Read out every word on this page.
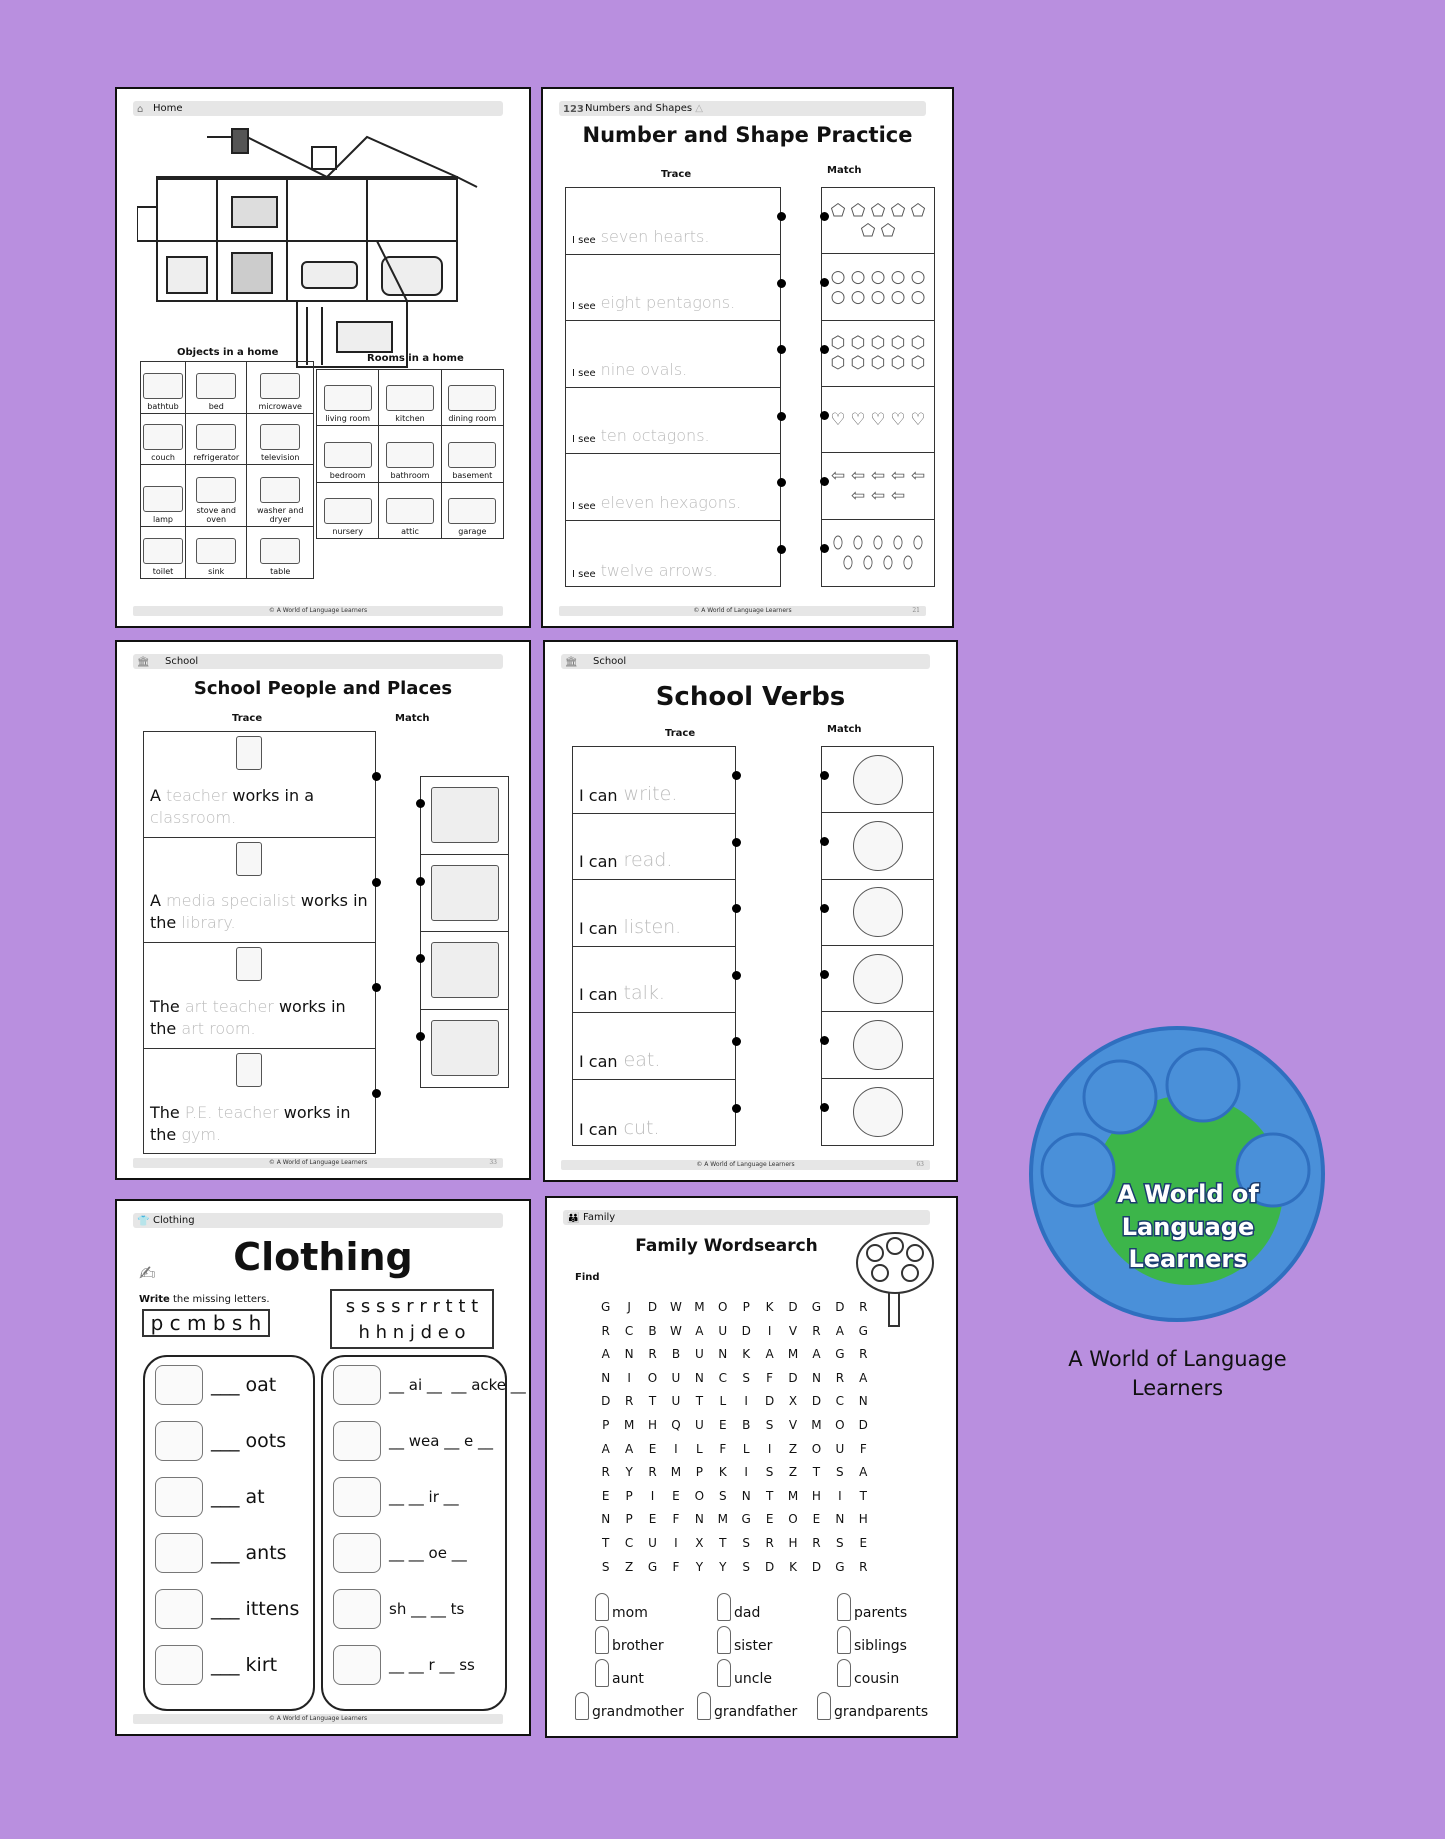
⌂ Home
Objects in a home
bathtub	bed	microwave

couch	refrigerator	television

lamp	stove and oven	washer and dryer

toilet	sink	table
Rooms in a home
living room	kitchen	dining room

bedroom	bathroom	basement

nursery	attic	garage
© A World of Language Learners
123 Numbers and Shapes △
Number and Shape Practice
Trace	Match
I see seven hearts.
I see eight pentagons.
I see nine ovals.
I see ten octagons.
I see eleven hexagons.
I see twelve arrows.
⬠ ⬠ ⬠ ⬠ ⬠
⬠ ⬠
○ ○ ○ ○ ○
○ ○ ○ ○ ○
⬡ ⬡ ⬡ ⬡ ⬡
⬡ ⬡ ⬡ ⬡ ⬡
♡ ♡ ♡ ♡ ♡
⇦ ⇦ ⇦ ⇦ ⇦
⇦ ⇦ ⇦
⬯ ⬯ ⬯ ⬯ ⬯
⬯ ⬯ ⬯ ⬯
© A World of Language Learners	21
🏛 School
School People and Places
Trace	Match
A teacher works in a classroom.
A media specialist works in the library.
The art teacher works in the art room.
The P.E. teacher works in the gym.
© A World of Language Learners	33
🏛 School
School Verbs
Trace	Match
I can write.
I can read.
I can listen.
I can talk.
I can eat.
I can cut.
© A World of Language Learners	63
👕 Clothing
Clothing
✍
Write the missing letters.
p c m b s h
s s s s r r r t t t
h h n j d e o
___ oat
___ oots
___ at
___ ants
___ ittens
___ kirt
__ ai __  __ acke __
__ wea __ e __
__ __ ir __
__ __ oe __
sh __ __ ts
__ __ r __ ss
© A World of Language Learners
👪 Family
Family Wordsearch
Find
G	J	D	W	M	O	P	K	D	G	D	R
R	C	B	W	A	U	D	I	V	R	A	G
A	N	R	B	U	N	K	A	M	A	G	R
N	I	O	U	N	C	S	F	D	N	R	A
D	R	T	U	T	L	I	D	X	D	C	N
P	M	H	Q	U	E	B	S	V	M	O	D
A	A	E	I	L	F	L	I	Z	O	U	F
R	Y	R	M	P	K	I	S	Z	T	S	A
E	P	I	E	O	S	N	T	M	H	I	T
N	P	E	F	N	M	G	E	O	E	N	H
T	C	U	I	X	T	S	R	H	R	S	E
S	Z	G	F	Y	Y	S	D	K	D	G	R
mom	dad	parents
brother	sister	siblings
aunt	uncle	cousin
grandmother grandfather	grandparents
A World of
Language
Learners
A World of Language
Learners
